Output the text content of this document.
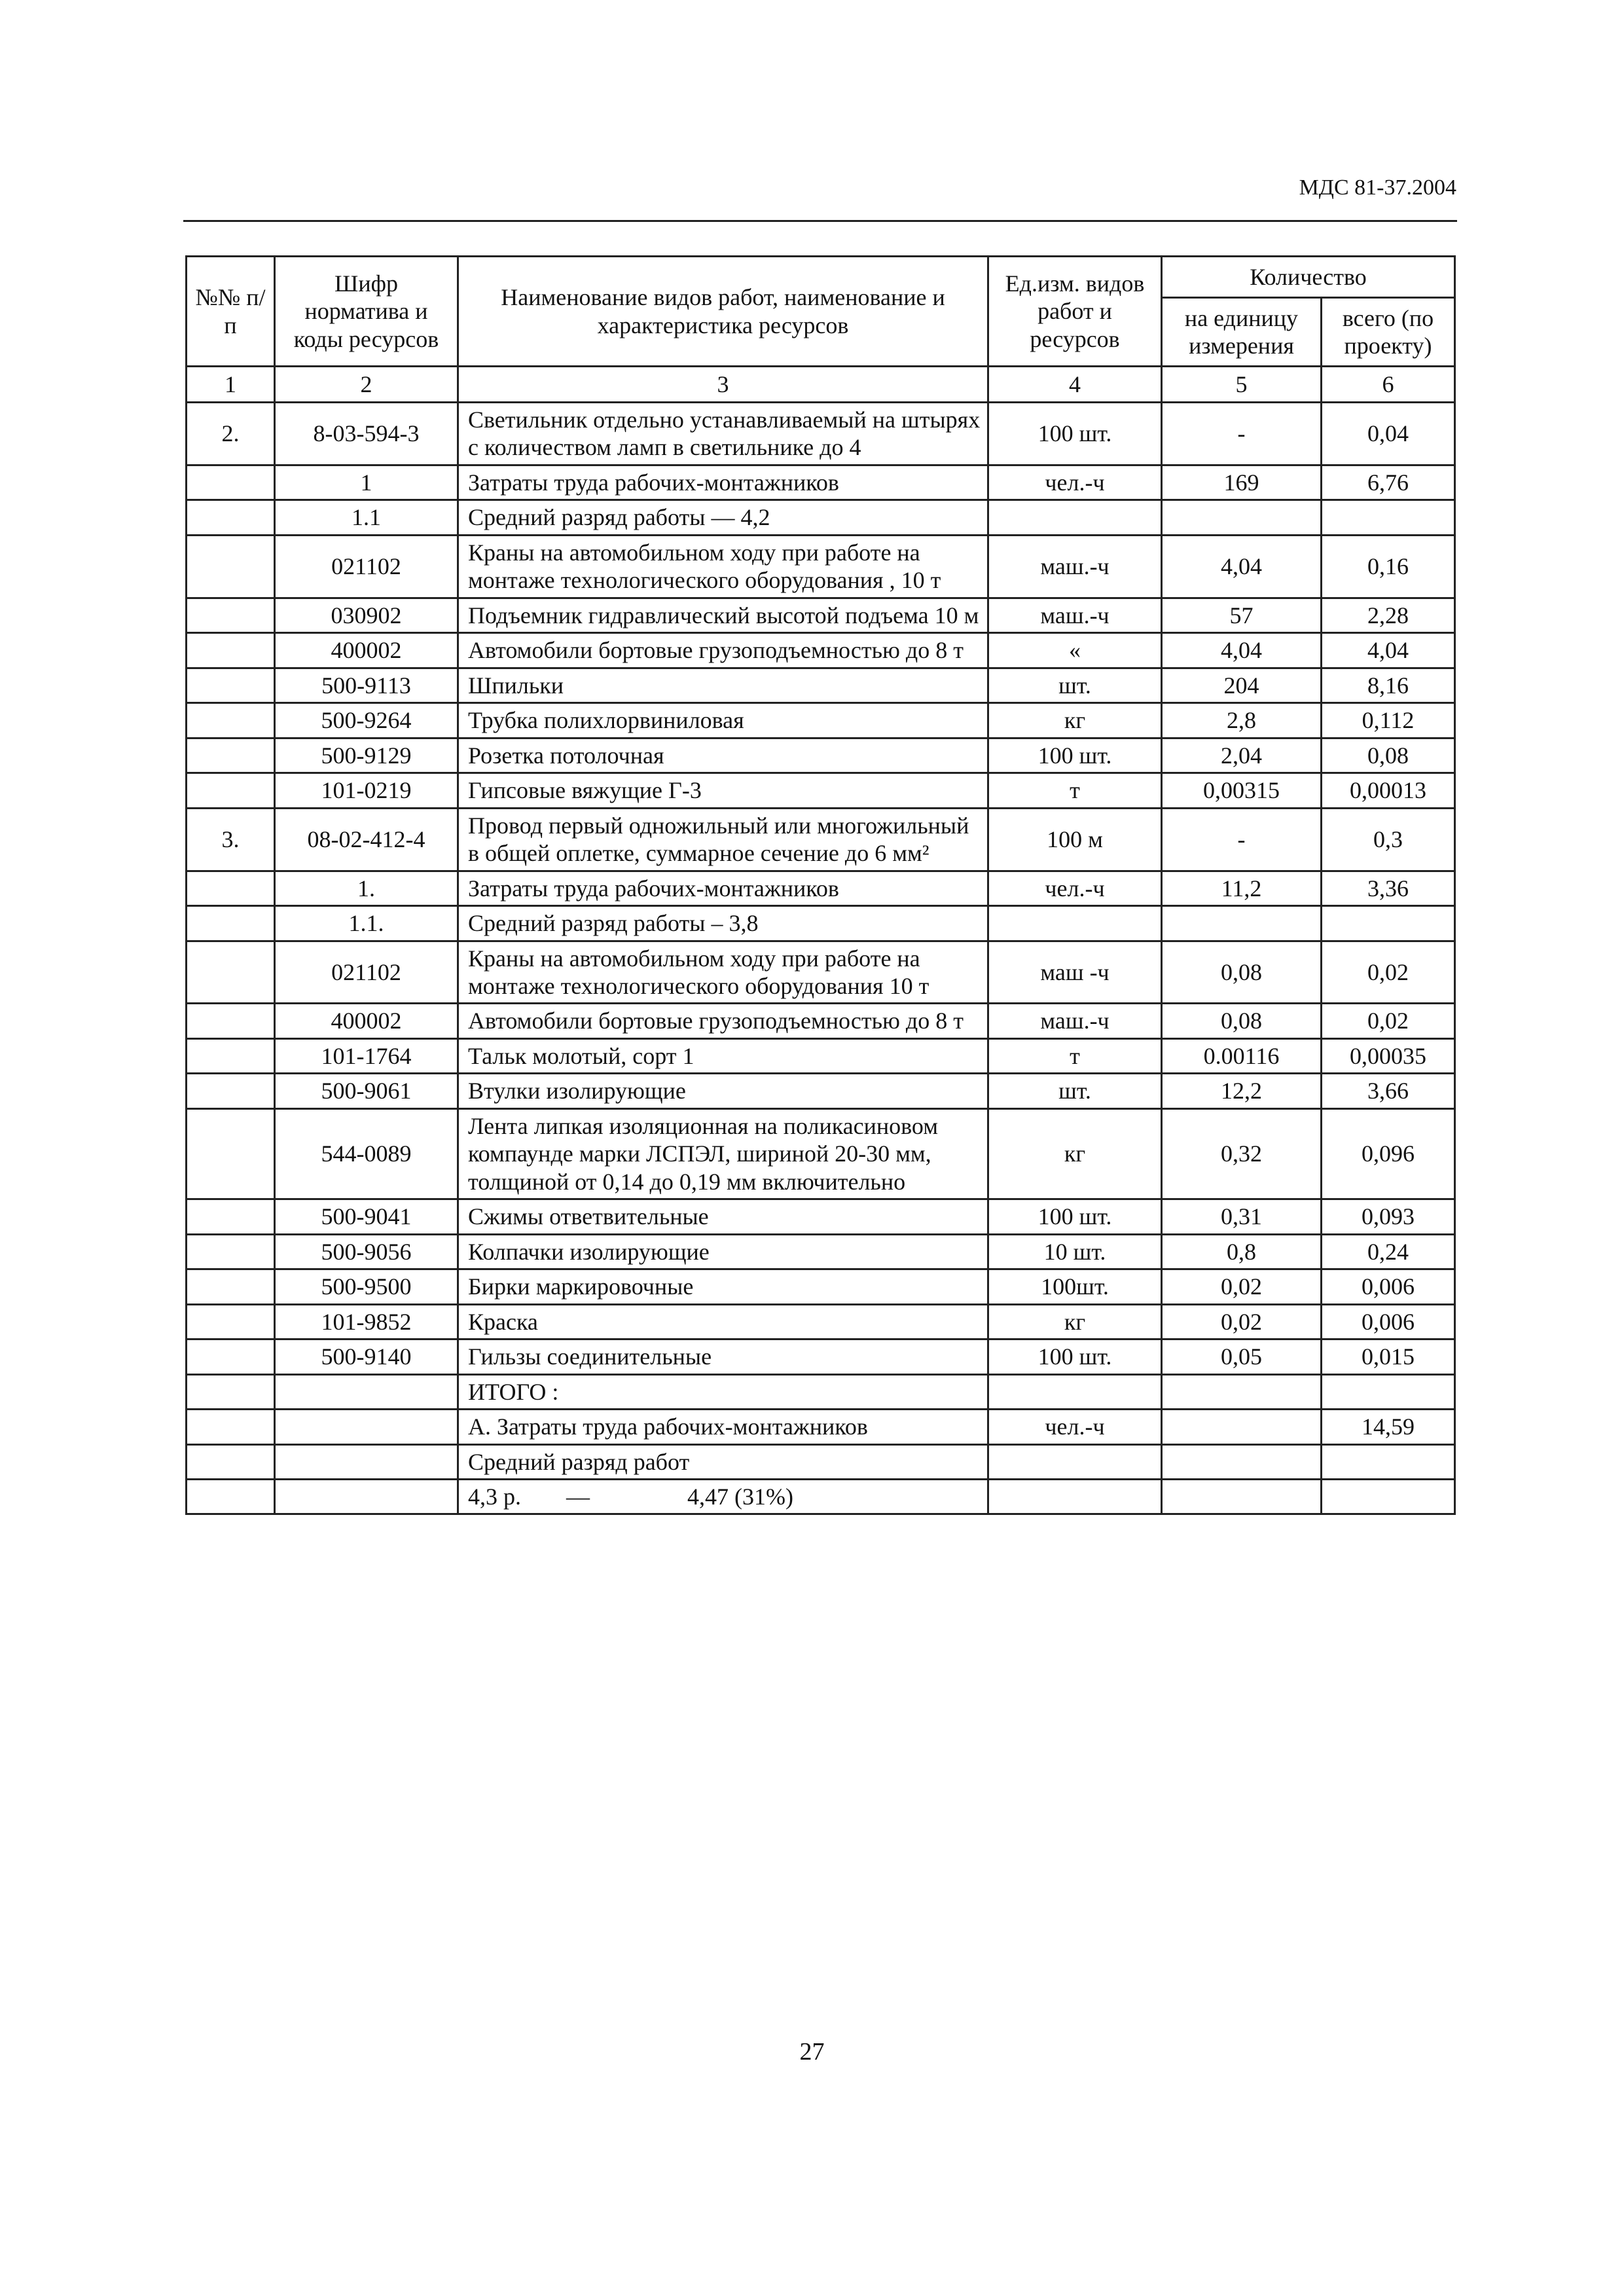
МДС 81-37.2004
№№ п/п	Шифр норматива и коды ресурсов	Наименование видов работ, наименование и характеристика ресурсов	Ед.изм. видов работ и ресурсов	Количество	
				на единицу измерения	всего (по проекту)
1	2	3	4	5	6
2.	8-03-594-3	Светильник отдельно устанавливаемый на штырях с количеством ламп в светильнике до 4	100 шт.	-	0,04
	1	Затраты труда рабочих-монтажников	чел.-ч	169	6,76
	1.1	Средний разряд работы — 4,2			
	021102	Краны на автомобильном ходу при работе на монтаже технологического оборудования , 10 т	маш.-ч	4,04	0,16
	030902	Подъемник гидравлический высотой подъема 10 м	маш.-ч	57	2,28
	400002	Автомобили бортовые грузоподъемностью до 8 т	«	4,04	4,04
	500-9113	Шпильки	шт.	204	8,16
	500-9264	Трубка полихлорвиниловая	кг	2,8	0,112
	500-9129	Розетка потолочная	100 шт.	2,04	0,08
	101-0219	Гипсовые вяжущие Г-3	т	0,00315	0,00013
3.	08-02-412-4	Провод первый одножильный или многожильный в общей оплетке, суммарное сечение до 6 мм²	100 м	-	0,3
	1.	Затраты труда рабочих-монтажников	чел.-ч	11,2	3,36
	1.1.	Средний разряд работы – 3,8			
	021102	Краны на автомобильном ходу при работе на монтаже технологического оборудования 10 т	маш -ч	0,08	0,02
	400002	Автомобили бортовые грузоподъемностью до 8 т	маш.-ч	0,08	0,02
	101-1764	Тальк молотый, сорт 1	т	0.00116	0,00035
	500-9061	Втулки изолирующие	шт.	12,2	3,66
	544-0089	Лента липкая изоляционная на поликасиновом компаунде марки ЛСПЭЛ, шириной 20-30 мм, толщиной от 0,14 до 0,19 мм включительно	кг	0,32	0,096
	500-9041	Сжимы ответвительные	100 шт.	0,31	0,093
	500-9056	Колпачки изолирующие	10 шт.	0,8	0,24
	500-9500	Бирки маркировочные	100шт.	0,02	0,006
	101-9852	Краска	кг	0,02	0,006
	500-9140	Гильзы соединительные	100 шт.	0,05	0,015
		ИТОГО :			
		А. Затраты труда рабочих-монтажников	чел.-ч		14,59
		Средний разряд работ			
		4,3 р. — 4,47 (31%)			
27
